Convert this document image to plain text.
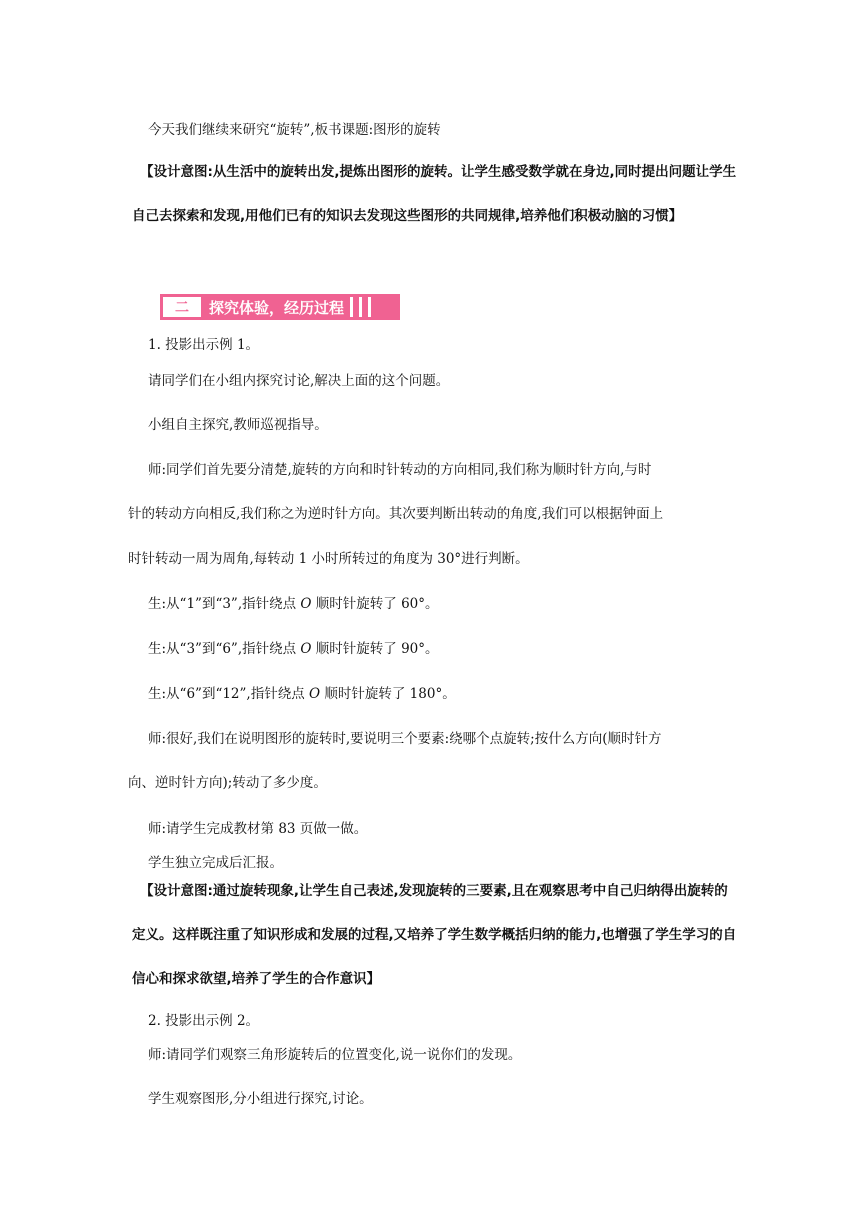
今天我们继续来研究“旋转”,板书课题:图形的旋转
【设计意图:从生活中的旋转出发,提炼出图形的旋转。让学生感受数学就在身边,同时提出问题让学生自己去探索和发现,用他们已有的知识去发现这些图形的共同规律,培养他们积极动脑的习惯】
二	探究体验，经历过程
1. 投影出示例 1。
请同学们在小组内探究讨论,解决上面的这个问题。
小组自主探究,教师巡视指导。
师:同学们首先要分清楚,旋转的方向和时针转动的方向相同,我们称为顺时针方向,与时
针的转动方向相反,我们称之为逆时针方向。其次要判断出转动的角度,我们可以根据钟面上
时针转动一周为周角,每转动 1 小时所转过的角度为 30°进行判断。
生:从“1”到“3”,指针绕点 O 顺时针旋转了 60°。
生:从“3”到“6”,指针绕点 O 顺时针旋转了 90°。
生:从“6”到“12”,指针绕点 O 顺时针旋转了 180°。
师:很好,我们在说明图形的旋转时,要说明三个要素:绕哪个点旋转;按什么方向(顺时针方
向、逆时针方向);转动了多少度。
师:请学生完成教材第 83 页做一做。
学生独立完成后汇报。
【设计意图:通过旋转现象,让学生自己表述,发现旋转的三要素,且在观察思考中自己归纳得出旋转的定义。这样既注重了知识形成和发展的过程,又培养了学生数学概括归纳的能力,也增强了学生学习的自信心和探求欲望,培养了学生的合作意识】
2. 投影出示例 2。
师:请同学们观察三角形旋转后的位置变化,说一说你们的发现。
学生观察图形,分小组进行探究,讨论。
